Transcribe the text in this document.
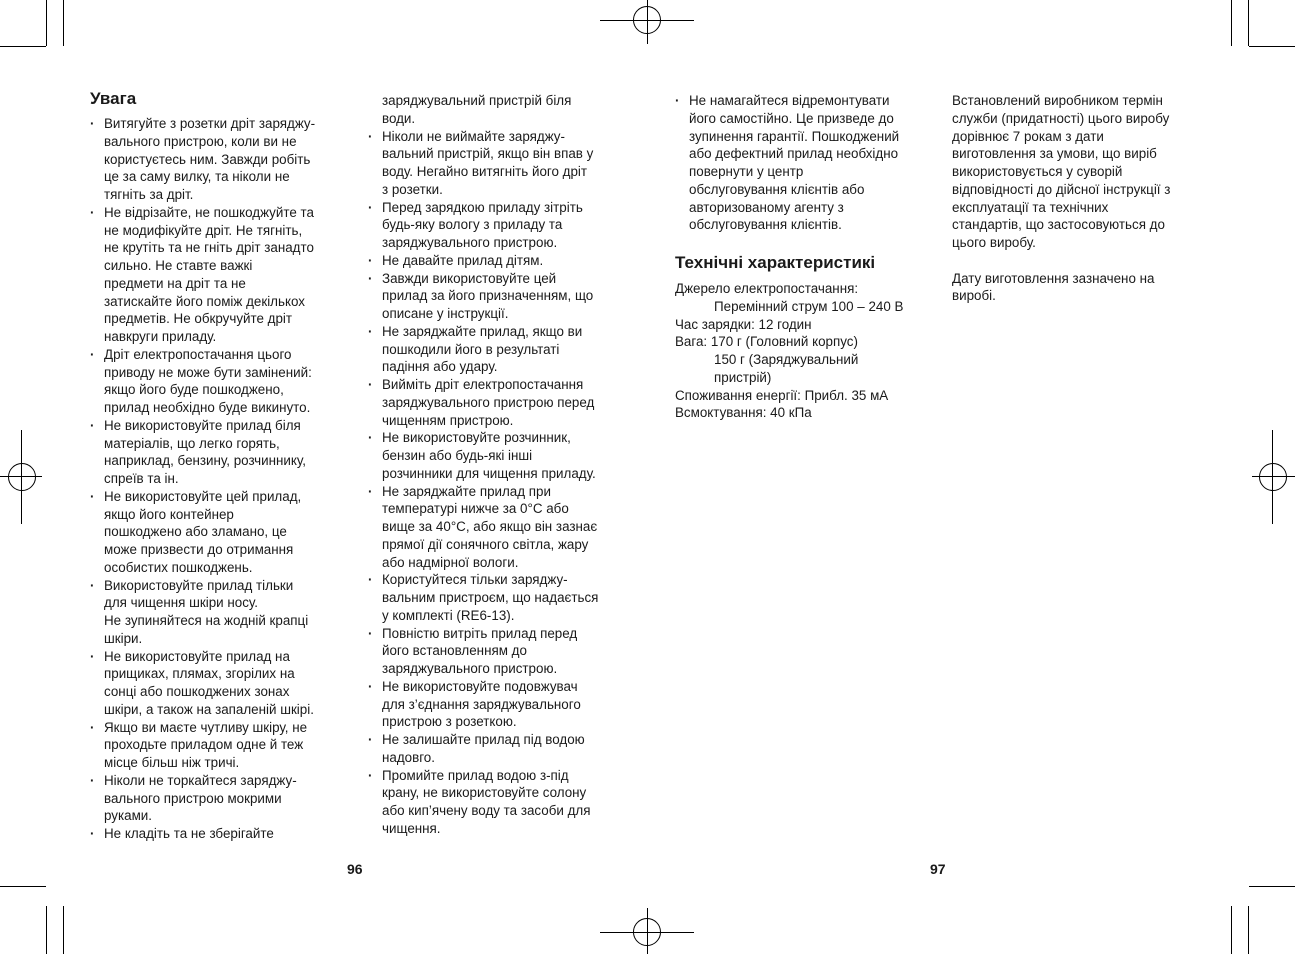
Увага
· Витягуйте з розетки дріт заряджу-
вального пристрою, коли ви не
користуєтесь ним. Завжди робіть
це за саму вилку, та ніколи не
тягніть за дріт.
· Не відрізайте, не пошкоджуйте та
не модифікуйте дріт. Не тягніть,
не крутіть та не гніть дріт занадто
сильно. Не ставте важкі
предмети на дріт та не
затискайте його поміж декількох
предметів. Не обкручуйте дріт
навкруги приладу.
· Дріт електропостачання цього
приводу не може бути замінений:
якщо його буде пошкоджено,
прилад необхідно буде викинуто.
· Не використовуйте прилад біля
матеріалів, що легко горять,
наприклад, бензину, розчиннику,
спреїв та ін.
· Не використовуйте цей прилад,
якщо його контейнер
пошкоджено або зламано, це
може призвести до отримання
особистих пошкоджень.
· Використовуйте прилад тільки
для чищення шкіри носу.
Не зупиняйтеся на жодній крапці
шкіри.
· Не використовуйте прилад на
прищиках, плямах, згорілих на
сонці або пошкоджених зонах
шкіри, а також на запаленій шкірі.
· Якщо ви маєте чутливу шкіру, не
проходьте приладом одне й теж
місце більш ніж тричі.
· Ніколи не торкайтеся заряджу-
вального пристрою мокрими
руками.
· Не кладіть та не зберігайте
заряджувальний пристрій біля
води.
· Ніколи не виймайте заряджу-
вальний пристрій, якщо він впав у
воду. Негайно витягніть його дріт
з розетки.
· Перед зарядкою приладу зітріть
будь-яку вологу з приладу та
заряджувального пристрою.
· Не давайте прилад дітям.
· Завжди використовуйте цей
прилад за його призначенням, що
описане у інструкції.
· Не заряджайте прилад, якщо ви
пошкодили його в результаті
падіння або удару.
· Вийміть дріт електропостачання
заряджувального пристрою перед
чищенням пристрою.
· Не використовуйте розчинник,
бензин або будь-які інші
розчинники для чищення приладу.
· Не заряджайте прилад при
температурі нижче за 0°C або
вище за 40°C, або якщо він зазнає
прямої дії сонячного світла, жару
або надмірної вологи.
· Користуйтеся тільки заряджу-
вальним пристроєм, що надається
у комплекті (RE6-13).
· Повністю витріть прилад перед
його встановленням до
заряджувального пристрою.
· Не використовуйте подовжувач
для з’єднання заряджувального
пристрою з розеткою.
· Не залишайте прилад під водою
надовго.
· Промийте прилад водою з-під
крану, не використовуйте солону
або кип’ячену воду та засоби для
чищення.
· Не намагайтеся відремонтувати
його самостійно. Це призведе до
зупинення гарантії. Пошкоджений
або дефектний прилад необхідно
повернути у центр
обслуговування клієнтів або
авторизованому агенту з
обслуговування клієнтів.
Технічні характеристикі
Джерело електропостачання:
Перемінний струм 100 – 240 В
Час зарядки: 12 годин
Вага: 170 г (Головний корпус)
150 г (Заряджувальний
пристрій)
Споживання енергії: Прибл. 35 мА
Всмоктування: 40 кПа

Встановлений виробником термін
служби (придатності) цього виробу
дорівнює 7 рокам з дати
виготовлення за умови, що виріб
використовується у суворій
відповідності до дійсної інструкції з
експлуатації та технічних
стандартів, що застосовуються до
цього виробу.

Дату виготовлення зазначено на
виробі.

96	97
